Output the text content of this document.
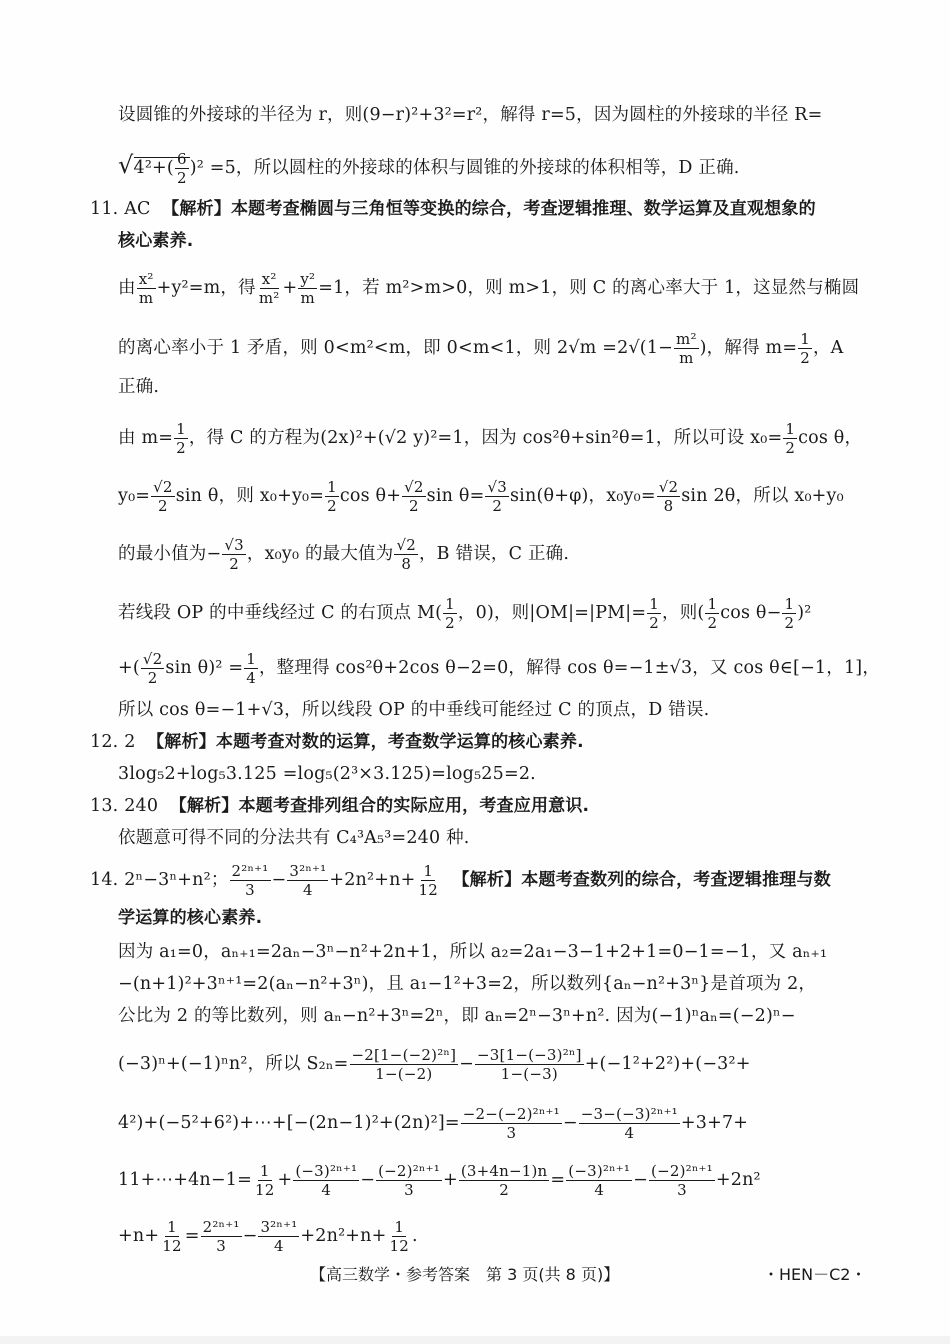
设圆锥的外接球的半径为 r，则(9−r)²+3²=r²，解得 r=5，因为圆柱的外接球的半径 R=
$√4^2+( \frac{6}{2} )^2 =5$，所以圆柱的外接球的体积与圆锥的外接球的体积相等，D 正确.
11. AC 【解析】本题考查椭圆与三角恒等变换的综合，考查逻辑推理、数学运算及直观想象的
核心素养.
由 $\frac{\text{x²}}{m} +y^2=m$，得 $\frac{\text{x²}}{\text{m²}} + \frac{\text{y²}}{m} =1$，若 m²>m>0，则 m>1，则 C 的离心率大于 1，这显然与椭圆
的离心率小于 1 矛盾，则 0<m²<m，即 0<m<1，则 $2√m =2√(1- \frac{\text{m²}}{m}$ )，解得 $m= \frac{1}{2}$ ，A
正确.
由 $m= \frac{1}{2}$ ，得 C 的方程为(2x)²+(√2 y)²=1，因为 cos²θ+sin²θ=1，所以可设 $x_0= \frac{1}{2}$ cos θ，
$y_0= \frac{√2}{2}$ sin θ，则 $x_0+y_0= \frac{1}{2}$ $\cos \theta+ \frac{√2}{2}$ $\sin \theta= \frac{√3}{2} \sin(\theta+\varphi)$，$x_0y_0= \frac{√2}{8}$ sin 2θ，所以 x₀+y₀
的最小值为− $\frac{√3}{2}$ ，x₀y₀ 的最大值为 $\frac{√2}{8}$ ，B 错误，C 正确.
若线段 OP 的中垂线经过 C 的右顶点 $M( \frac{1}{2}$ ，0)，则$|OM|=|PM|= \frac{1}{2}$ ，则( $\frac{1}{2}$ $\cos \theta- \frac{1}{2} )^2$
+( $\frac{√2}{2}$ $\sin \theta)^2 = \frac{1}{4}$ ，整理得 cos²θ+2cos θ−2=0，解得 cos θ=−1±√3，又 cos θ∈[−1，1]，
所以 cos θ=−1+√3，所以线段 OP 的中垂线可能经过 C 的顶点，D 错误.
12. 2 【解析】本题考查对数的运算，考查数学运算的核心素养.
3log₅2+log₅3.125 =log₅(2³×3.125)=log₅25=2.
13. 240 【解析】本题考查排列组合的实际应用，考查应用意识.
依题意可得不同的分法共有 C₄³A₅³=240 种.
14. 2ⁿ−3ⁿ+n²； $\frac{\text{2²ⁿ⁺¹}}{3} - \frac{\text{3²ⁿ⁺¹}}{4} +2n^2+n+ \frac{1}{12}$ 【解析】本题考查数列的综合，考查逻辑推理与数
学运算的核心素养.
因为 a₁=0，aₙ₊₁=2aₙ−3ⁿ−n²+2n+1，所以 a₂=2a₁−3−1+2+1=0−1=−1，又 aₙ₊₁
−(n+1)²+3ⁿ⁺¹=2(aₙ−n²+3ⁿ)，且 a₁−1²+3=2，所以数列{aₙ−n²+3ⁿ}是首项为 2，
公比为 2 的等比数列，则 aₙ−n²+3ⁿ=2ⁿ，即 aₙ=2ⁿ−3ⁿ+n². 因为(−1)ⁿaₙ=(−2)ⁿ−
(−3)ⁿ+(−1)ⁿn²，所以 $S_{2n}= \frac{\text{−2[1−(−2)²ⁿ]}}{1-(-2)} - \frac{\text{−3[1−(−3)²ⁿ]}}{1-(-3)} +(-1^2+2^2)+(-3^2+$
4²)+(−5²+6²)+⋯+[−(2n−1)²+(2n)²]= $\frac{\text{−2−(−2)²ⁿ⁺¹}}{3} - \frac{\text{−3−(−3)²ⁿ⁺¹}}{4} +3+7+$
11+⋯+4n−1= $\frac{1}{12} + \frac{\text{(−3)²ⁿ⁺¹}}{4} - \frac{\text{(−2)²ⁿ⁺¹}}{3} + \frac{(3+4n-1)n}{2} = \frac{\text{(−3)²ⁿ⁺¹}}{4} - \frac{\text{(−2)²ⁿ⁺¹}}{3} +2n^2$
$+n+ \frac{1}{12} = \frac{\text{2²ⁿ⁺¹}}{3} - \frac{\text{3²ⁿ⁺¹}}{4} +2n^2+n+ \frac{1}{12}$ .
【高三数学・参考答案　第 3 页(共 8 页)】	・HEN－C2・
